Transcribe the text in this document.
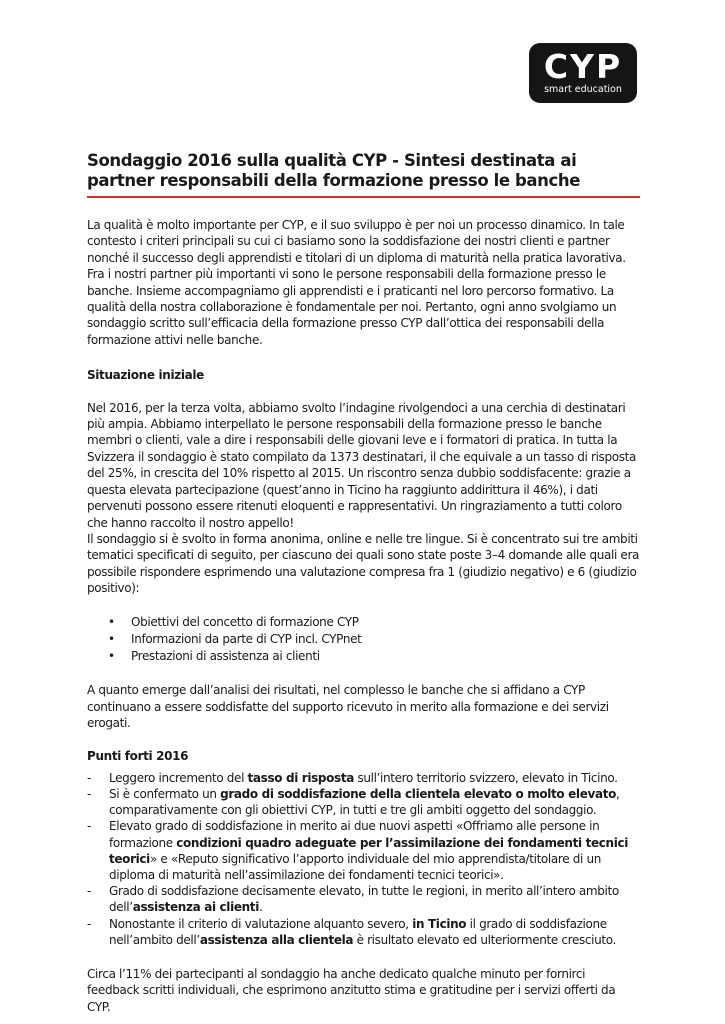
CYP
smart education
Sondaggio 2016 sulla qualità CYP - Sintesi destinata ai partner responsabili della formazione presso le banche

La qualità è molto importante per CYP, e il suo sviluppo è per noi un processo dinamico. In tale contesto i criteri principali su cui ci basiamo sono la soddisfazione dei nostri clienti e partner nonché il successo degli apprendisti e titolari di un diploma di maturità nella pratica lavorativa.

Fra i nostri partner più importanti vi sono le persone responsabili della formazione presso le banche. Insieme accompagniamo gli apprendisti e i praticanti nel loro percorso formativo. La qualità della nostra collaborazione è fondamentale per noi. Pertanto, ogni anno svolgiamo un sondaggio scritto sull’efficacia della formazione presso CYP dall’ottica dei responsabili della formazione attivi nelle banche.

Situazione iniziale

Nel 2016, per la terza volta, abbiamo svolto l’indagine rivolgendoci a una cerchia di destinatari più ampia. Abbiamo interpellato le persone responsabili della formazione presso le banche membri o clienti, vale a dire i responsabili delle giovani leve e i formatori di pratica. In tutta la Svizzera il sondaggio è stato compilato da 1373 destinatari, il che equivale a un tasso di risposta del 25%, in crescita del 10% rispetto al 2015. Un riscontro senza dubbio soddisfacente: grazie a questa elevata partecipazione (quest’anno in Ticino ha raggiunto addirittura il 46%), i dati pervenuti possono essere ritenuti eloquenti e rappresentativi. Un ringraziamento a tutti coloro che hanno raccolto il nostro appello!

Il sondaggio si è svolto in forma anonima, online e nelle tre lingue. Si è concentrato sui tre ambiti tematici specificati di seguito, per ciascuno dei quali sono state poste 3–4 domande alle quali era possibile rispondere esprimendo una valutazione compresa fra 1 (giudizio negativo) e 6 (giudizio positivo):

• Obiettivi del concetto di formazione CYP
• Informazioni da parte di CYP incl. CYPnet
• Prestazioni di assistenza ai clienti

A quanto emerge dall’analisi dei risultati, nel complesso le banche che si affidano a CYP continuano a essere soddisfatte del supporto ricevuto in merito alla formazione e dei servizi erogati.

Punti forti 2016

- Leggero incremento del tasso di risposta sull’intero territorio svizzero, elevato in Ticino.
- Si è confermato un grado di soddisfazione della clientela elevato o molto elevato, comparativamente con gli obiettivi CYP, in tutti e tre gli ambiti oggetto del sondaggio.
- Elevato grado di soddisfazione in merito ai due nuovi aspetti «Offriamo alle persone in formazione condizioni quadro adeguate per l’assimilazione dei fondamenti tecnici teorici» e «Reputo significativo l’apporto individuale del mio apprendista/titolare di un diploma di maturità nell’assimilazione dei fondamenti tecnici teorici».
- Grado di soddisfazione decisamente elevato, in tutte le regioni, in merito all’intero ambito dell’assistenza ai clienti.
- Nonostante il criterio di valutazione alquanto severo, in Ticino il grado di soddisfazione nell’ambito dell’assistenza alla clientela è risultato elevato ed ulteriormente cresciuto.

Circa l’11% dei partecipanti al sondaggio ha anche dedicato qualche minuto per fornirci feedback scritti individuali, che esprimono anzitutto stima e gratitudine per i servizi offerti da CYP.
